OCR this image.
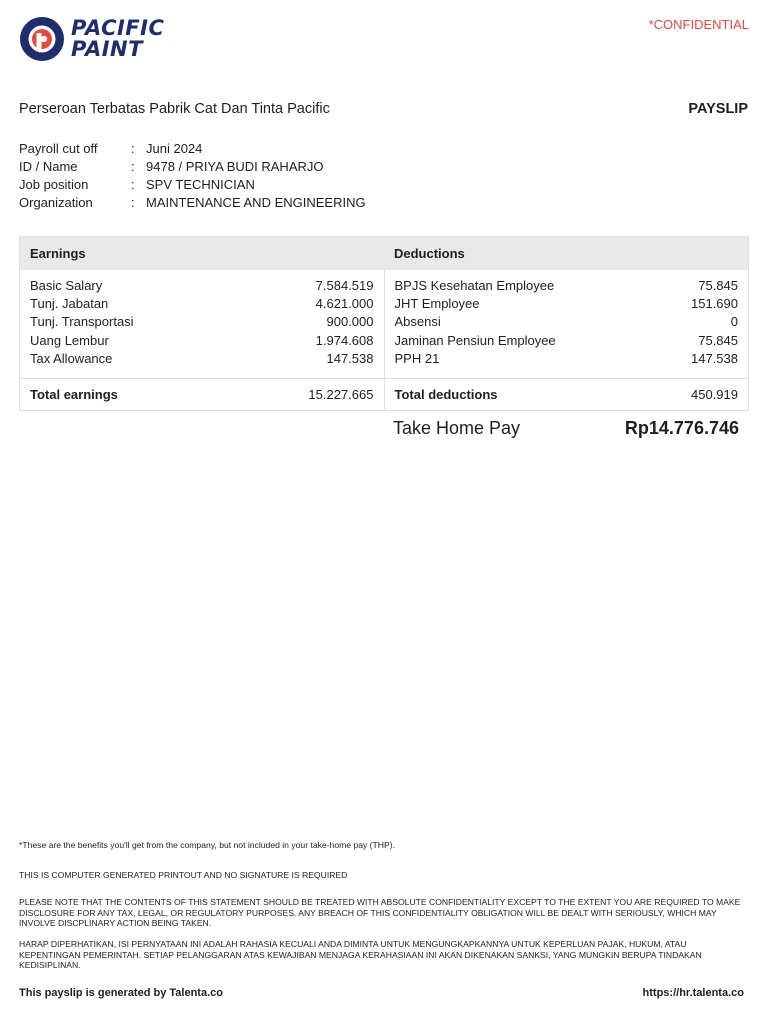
PACIFIC
PAINT
*CONFIDENTIAL
Perseroan Terbatas Pabrik Cat Dan Tinta Pacific	PAYSLIP
Payroll cut off	: Juni 2024
ID / Name	: 9478 / PRIYA BUDI RAHARJO
Job position	: SPV TECHNICIAN
Organization	: MAINTENANCE AND ENGINEERING
Earnings	Deductions
Basic Salary	7.584.519
Tunj. Jabatan	4.621.000
Tunj. Transportasi	900.000
Uang Lembur	1.974.608
Tax Allowance	147.538
BPJS Kesehatan Employee	75.845
JHT Employee	151.690
Absensi	0
Jaminan Pensiun Employee	75.845
PPH 21	147.538
Total earnings	15.227.665 Total deductions	450.919
Take Home Pay	Rp14.776.746
*These are the benefits you'll get from the company, but not included in your take-home pay (THP).
THIS IS COMPUTER GENERATED PRINTOUT AND NO SIGNATURE IS REQUIRED
PLEASE NOTE THAT THE CONTENTS OF THIS STATEMENT SHOULD BE TREATED WITH ABSOLUTE CONFIDENTIALITY EXCEPT TO THE EXTENT YOU ARE REQUIRED TO MAKE DISCLOSURE FOR ANY TAX, LEGAL, OR REGULATORY PURPOSES. ANY BREACH OF THIS CONFIDENTIALITY OBLIGATION WILL BE DEALT WITH SERIOUSLY, WHICH MAY INVOLVE DISCPLINARY ACTION BEING TAKEN.
HARAP DIPERHATIKAN, ISI PERNYATAAN INI ADALAH RAHASIA KECUALI ANDA DIMINTA UNTUK MENGUNGKAPKANNYA UNTUK KEPERLUAN PAJAK, HUKUM, ATAU KEPENTINGAN PEMERINTAH. SETIAP PELANGGARAN ATAS KEWAJIBAN MENJAGA KERAHASIAAN INI AKAN DIKENAKAN SANKSI, YANG MUNGKIN BERUPA TINDAKAN KEDISIPLINAN.
This payslip is generated by Talenta.co	https://hr.talenta.co
